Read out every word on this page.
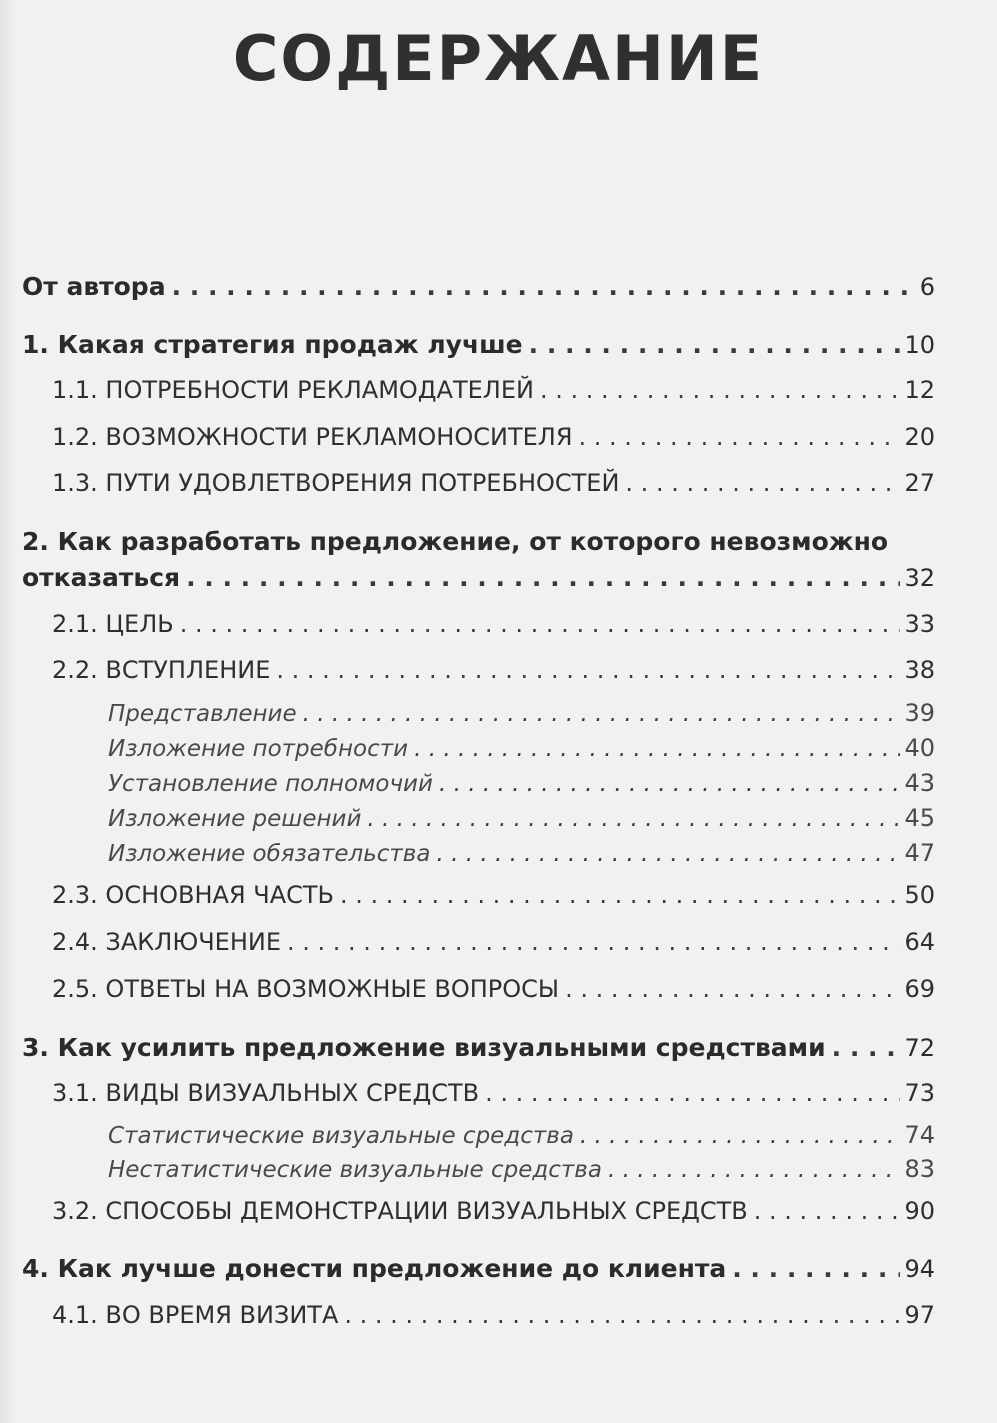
СОДЕРЖАНИЕ
От автора . . .	6
1. Какая стратегия продаж лучше . . .	10
1.1. ПОТРЕБНОСТИ РЕКЛАМОДАТЕЛЕЙ . . .	12
1.2. ВОЗМОЖНОСТИ РЕКЛАМОНОСИТЕЛЯ . . .	20
1.3. ПУТИ УДОВЛЕТВОРЕНИЯ ПОТРЕБНОСТЕЙ . . .	27
2. Как разработать предложение, от которого невозможно
отказаться . . .	32
2.1. ЦЕЛЬ . . .	33
2.2. ВСТУПЛЕНИЕ . . .	38
Представление . . .	39
Изложение потребности . . .	40
Установление полномочий . . .	43
Изложение решений . . .	45
Изложение обязательства . . .	47
2.3. ОСНОВНАЯ ЧАСТЬ . . .	50
2.4. ЗАКЛЮЧЕНИЕ . . .	64
2.5. ОТВЕТЫ НА ВОЗМОЖНЫЕ ВОПРОСЫ . . .	69
3. Как усилить предложение визуальными средствами . . .	72
3.1. ВИДЫ ВИЗУАЛЬНЫХ СРЕДСТВ . . .	73
Статистические визуальные средства . . .	74
Нестатистические визуальные средства . . .	83
3.2. СПОСОБЫ ДЕМОНСТРАЦИИ ВИЗУАЛЬНЫХ СРЕДСТВ . . .	90
4. Как лучше донести предложение до клиента . . .	94
4.1. ВО ВРЕМЯ ВИЗИТА . . .	97
